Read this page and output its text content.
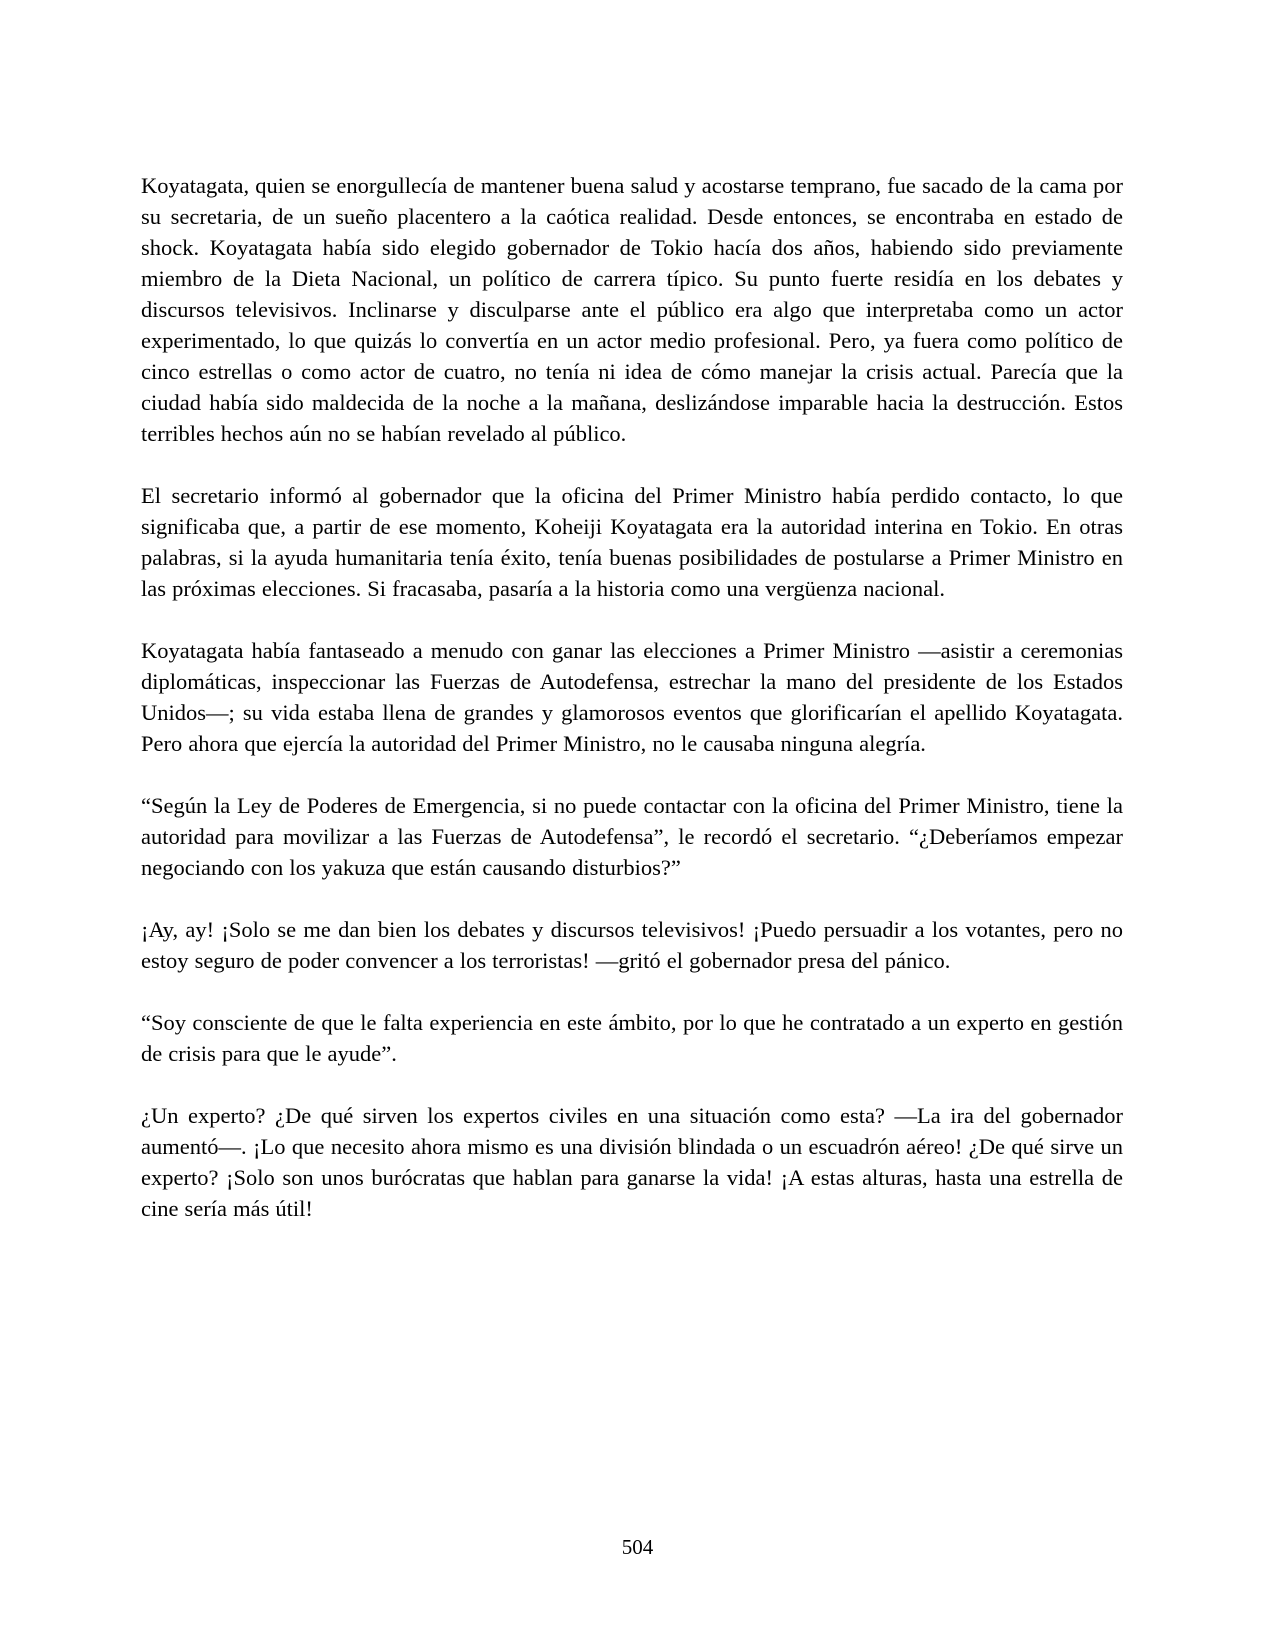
Koyatagata, quien se enorgullecía de mantener buena salud y acostarse temprano, fue sacado de la cama por su secretaria, de un sueño placentero a la caótica realidad. Desde entonces, se encontraba en estado de shock. Koyatagata había sido elegido gobernador de Tokio hacía dos años, habiendo sido previamente miembro de la Dieta Nacional, un político de carrera típico. Su punto fuerte residía en los debates y discursos televisivos. Inclinarse y disculparse ante el público era algo que interpretaba como un actor experimentado, lo que quizás lo convertía en un actor medio profesional. Pero, ya fuera como político de cinco estrellas o como actor de cuatro, no tenía ni idea de cómo manejar la crisis actual. Parecía que la ciudad había sido maldecida de la noche a la mañana, deslizándose imparable hacia la destrucción. Estos terribles hechos aún no se habían revelado al público.

El secretario informó al gobernador que la oficina del Primer Ministro había perdido contacto, lo que significaba que, a partir de ese momento, Koheiji Koyatagata era la autoridad interina en Tokio. En otras palabras, si la ayuda humanitaria tenía éxito, tenía buenas posibilidades de postularse a Primer Ministro en las próximas elecciones. Si fracasaba, pasaría a la historia como una vergüenza nacional.

Koyatagata había fantaseado a menudo con ganar las elecciones a Primer Ministro —asistir a ceremonias diplomáticas, inspeccionar las Fuerzas de Autodefensa, estrechar la mano del presidente de los Estados Unidos—; su vida estaba llena de grandes y glamorosos eventos que glorificarían el apellido Koyatagata. Pero ahora que ejercía la autoridad del Primer Ministro, no le causaba ninguna alegría.

“Según la Ley de Poderes de Emergencia, si no puede contactar con la oficina del Primer Ministro, tiene la autoridad para movilizar a las Fuerzas de Autodefensa”, le recordó el secretario. “¿Deberíamos empezar negociando con los yakuza que están causando disturbios?”

¡Ay, ay! ¡Solo se me dan bien los debates y discursos televisivos! ¡Puedo persuadir a los votantes, pero no estoy seguro de poder convencer a los terroristas! —gritó el gobernador presa del pánico.

“Soy consciente de que le falta experiencia en este ámbito, por lo que he contratado a un experto en gestión de crisis para que le ayude”.

¿Un experto? ¿De qué sirven los expertos civiles en una situación como esta? —La ira del gobernador aumentó—. ¡Lo que necesito ahora mismo es una división blindada o un escuadrón aéreo! ¿De qué sirve un experto? ¡Solo son unos burócratas que hablan para ganarse la vida! ¡A estas alturas, hasta una estrella de cine sería más útil!

504
